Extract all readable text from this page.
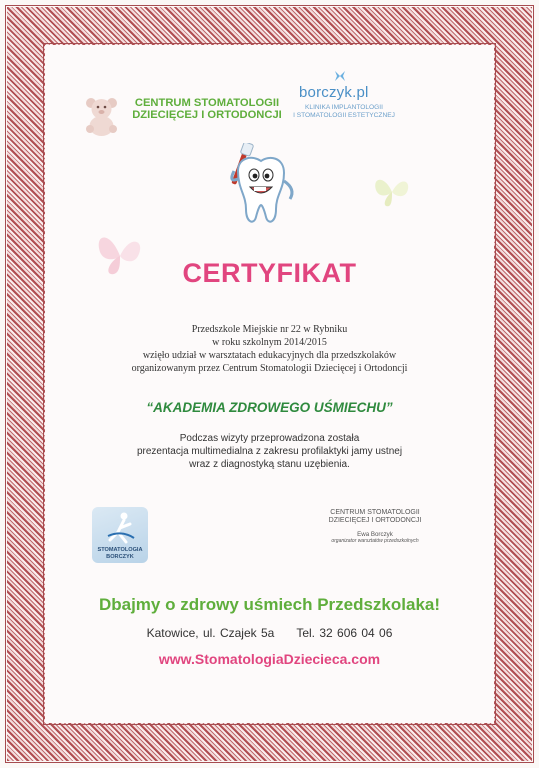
CENTRUM STOMATOLOGII
DZIECIĘCEJ I ORTODONCJI
borczyk.pl
KLINIKA IMPLANTOLOGII
I STOMATOLOGII ESTETYCZNEJ
CERTYFIKAT
Przedszkole Miejskie nr 22 w Rybniku
w roku szkolnym 2014/2015
wzięło udział w warsztatach edukacyjnych dla przedszkolaków
organizowanym przez Centrum Stomatologii Dziecięcej i Ortodoncji
“AKADEMIA ZDROWEGO UŚMIECHU”
Podczas wizyty przeprowadzona została
prezentacja multimedialna z zakresu profilaktyki jamy ustnej
wraz z diagnostyką stanu uzębienia.
STOMATOLOGIA
BORCZYK
CENTRUM STOMATOLOGII
DZIECIĘCEJ I ORTODONCJI
Ewa Borczyk
organizator warsztatów przedszkolnych
Dbajmy o zdrowy uśmiech Przedszkolaka!
Katowice, ul. Czajek 5a Tel. 32 606 04 06
www.StomatologiaDziecieca.com
